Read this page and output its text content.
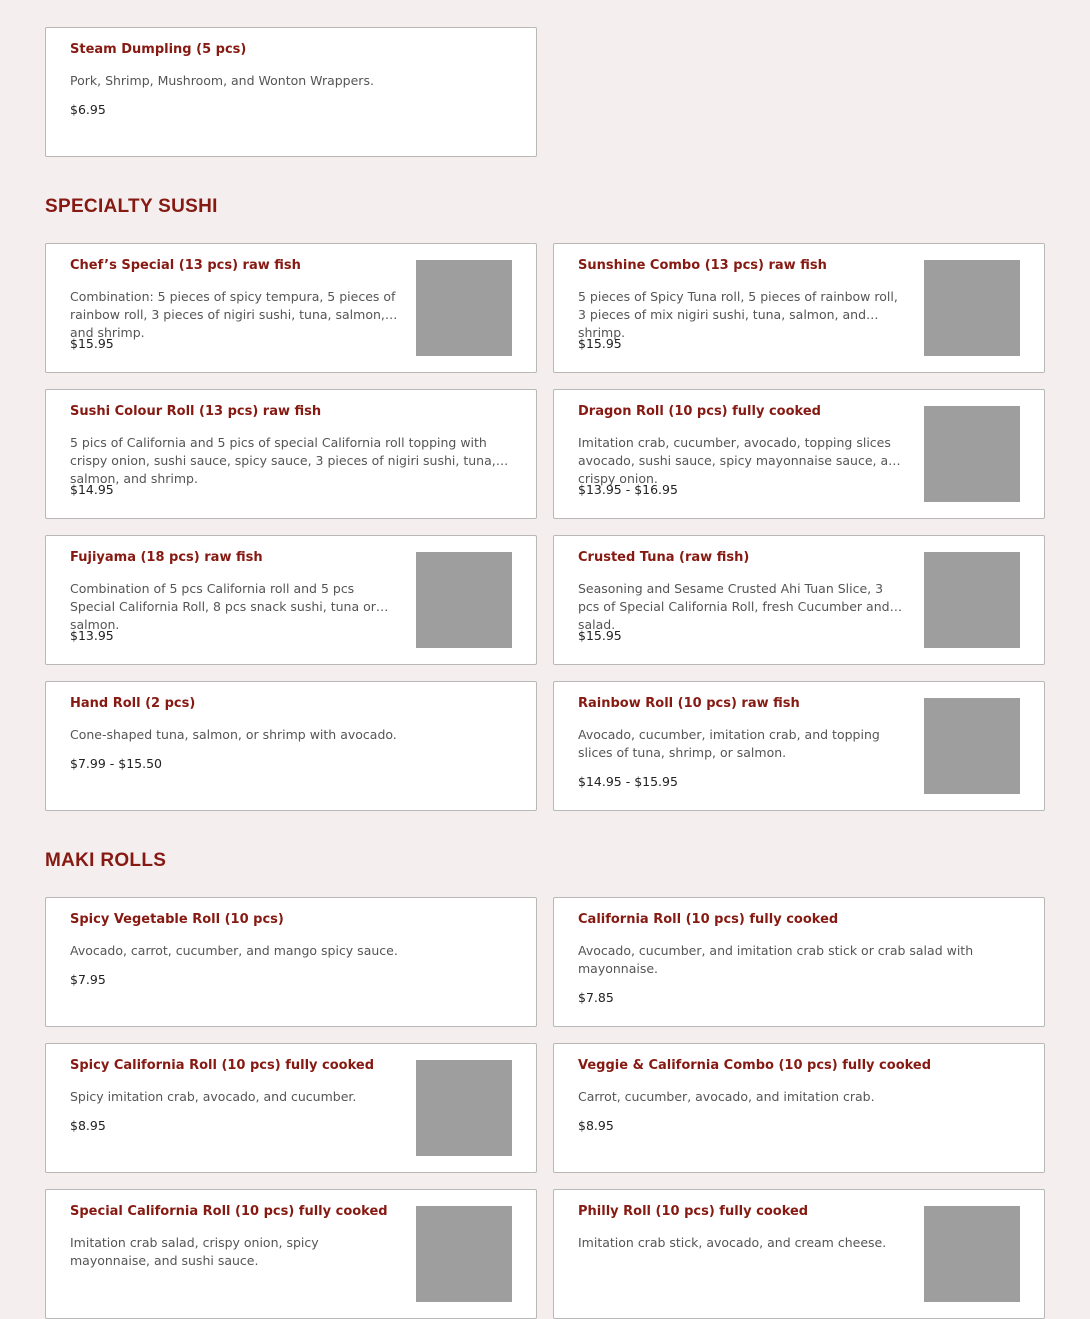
Steam Dumpling (5 pcs)
Pork, Shrimp, Mushroom, and Wonton Wrappers.
$6.95
SPECIALTY SUSHI
Chef’s Special (13 pcs) raw fish
Combination: 5 pieces of spicy tempura, 5 pieces of rainbow roll, 3 pieces of nigiri sushi, tuna, salmon, and shrimp.
$15.95
Sunshine Combo (13 pcs) raw fish
5 pieces of Spicy Tuna roll, 5 pieces of rainbow roll, 3 pieces of mix nigiri sushi, tuna, salmon, and shrimp.
$15.95
Sushi Colour Roll (13 pcs) raw fish
5 pics of California and 5 pics of special California roll topping with crispy onion, sushi sauce, spicy sauce, 3 pieces of nigiri sushi, tuna, salmon, and shrimp.
$14.95
Dragon Roll (10 pcs) fully cooked
Imitation crab, cucumber, avocado, topping slices avocado, sushi sauce, spicy mayonnaise sauce, and crispy onion.
$13.95 - $16.95
Fujiyama (18 pcs) raw fish
Combination of 5 pcs California roll and 5 pcs Special California Roll, 8 pcs snack sushi, tuna or salmon.
$13.95
Crusted Tuna (raw fish)
Seasoning and Sesame Crusted Ahi Tuan Slice, 3 pcs of Special California Roll, fresh Cucumber and salad.
$15.95
Hand Roll (2 pcs)
Cone-shaped tuna, salmon, or shrimp with avocado.
$7.99 - $15.50
Rainbow Roll (10 pcs) raw fish
Avocado, cucumber, imitation crab, and topping slices of tuna, shrimp, or salmon.
$14.95 - $15.95
MAKI ROLLS
Spicy Vegetable Roll (10 pcs)
Avocado, carrot, cucumber, and mango spicy sauce.
$7.95
California Roll (10 pcs) fully cooked
Avocado, cucumber, and imitation crab stick or crab salad with mayonnaise.
$7.85
Spicy California Roll (10 pcs) fully cooked
Spicy imitation crab, avocado, and cucumber.
$8.95
Veggie & California Combo (10 pcs) fully cooked
Carrot, cucumber, avocado, and imitation crab.
$8.95
Special California Roll (10 pcs) fully cooked
Imitation crab salad, crispy onion, spicy mayonnaise, and sushi sauce.
Philly Roll (10 pcs) fully cooked
Imitation crab stick, avocado, and cream cheese.
